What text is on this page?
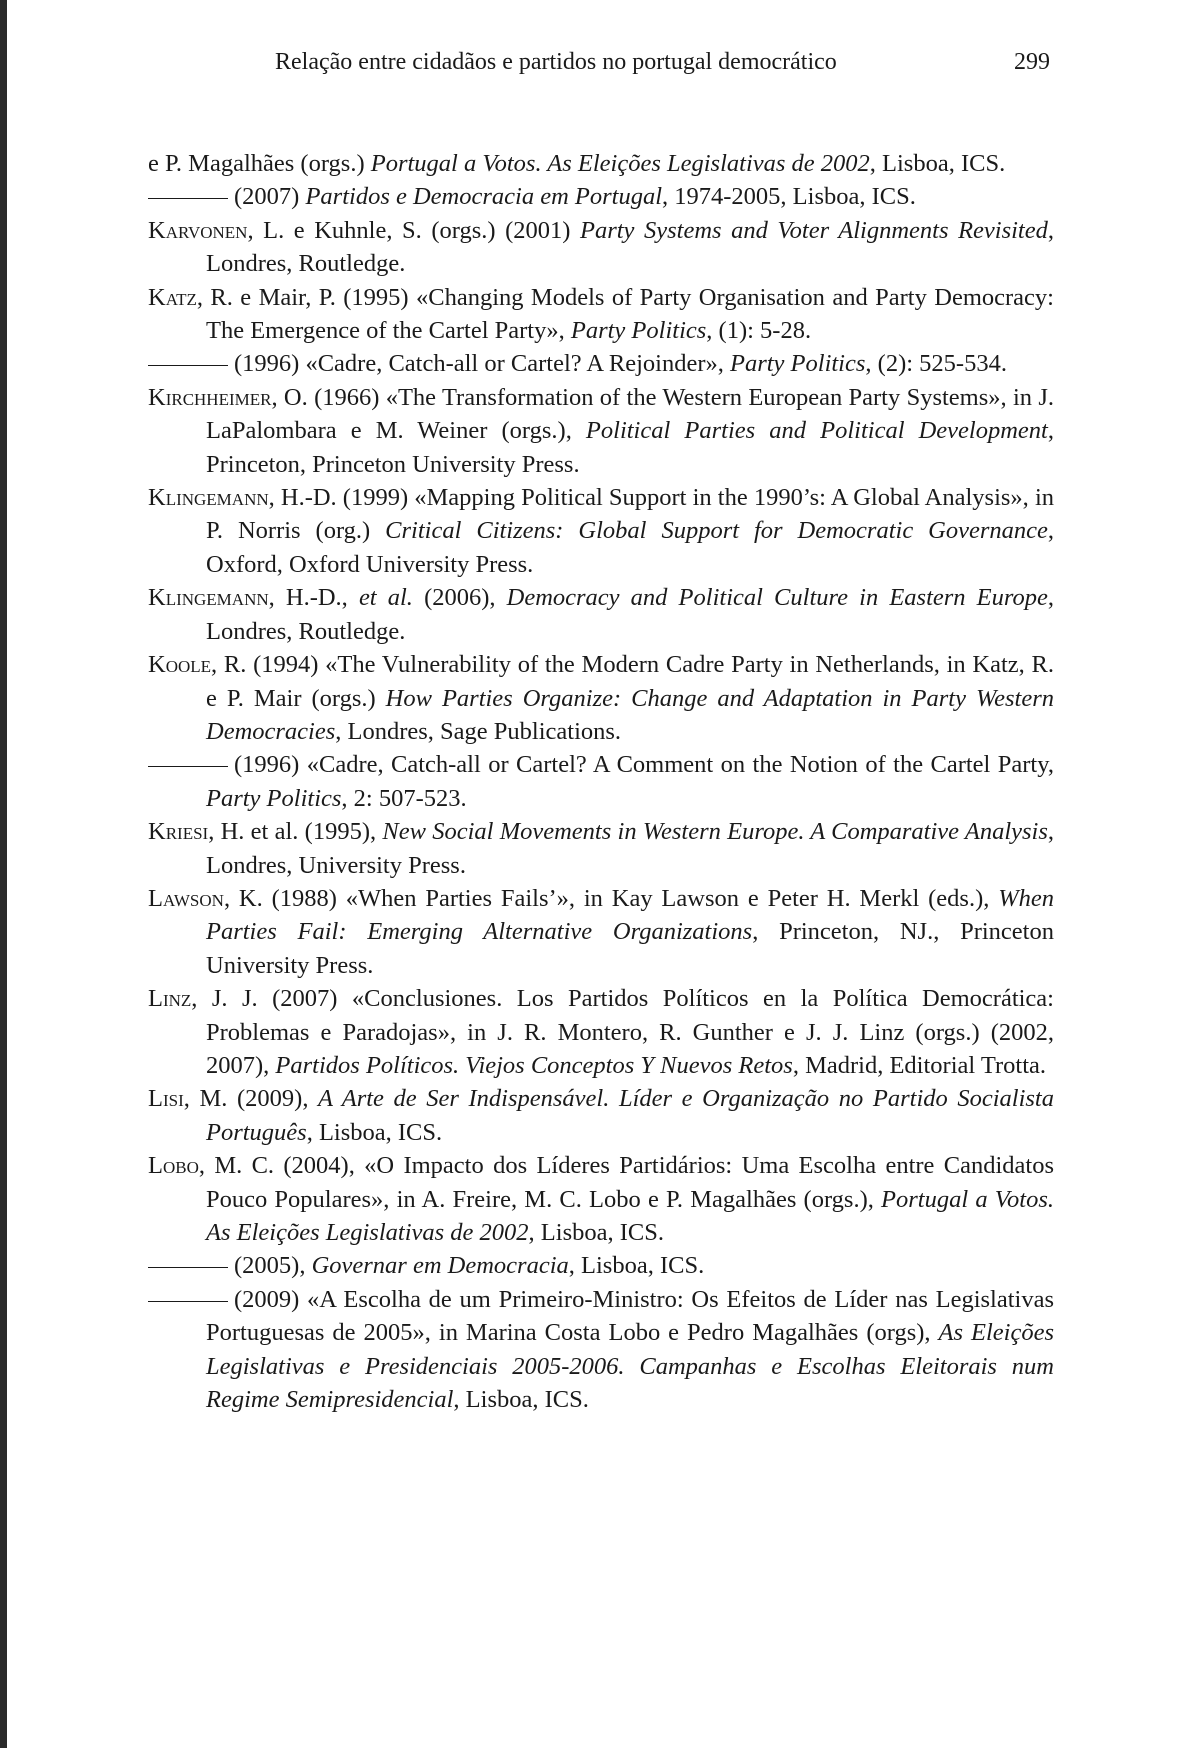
Relação entre cidadãos e partidos no portugal democrático	299

e P. Magalhães (orgs.) Portugal a Votos. As Eleições Legislativas de 2002, Lisboa, ICS.

(2007) Partidos e Democracia em Portugal, 1974-2005, Lisboa, ICS.

Karvonen, L. e Kuhnle, S. (orgs.) (2001) Party Systems and Voter Alignments Revisited, Londres, Routledge.

Katz, R. e Mair, P. (1995) «Changing Models of Party Organisation and Party Democracy: The Emergence of the Cartel Party», Party Politics, (1): 5-28.

(1996) «Cadre, Catch-all or Cartel? A Rejoinder», Party Politics, (2): 525-534.

Kirchheimer, O. (1966) «The Transformation of the Western European Party Systems», in J. LaPalombara e M. Weiner (orgs.), Political Parties and Political Development, Princeton, Princeton University Press.

Klingemann, H.-D. (1999) «Mapping Political Support in the 1990’s: A Global Analysis», in P. Norris (org.) Critical Citizens: Global Support for Democratic Governance, Oxford, Oxford University Press.

Klingemann, H.-D., et al. (2006), Democracy and Political Culture in Eastern Europe, Londres, Routledge.

Koole, R. (1994) «The Vulnerability of the Modern Cadre Party in Netherlands, in Katz, R. e P. Mair (orgs.) How Parties Organize: Change and Adaptation in Party Western Democracies, Londres, Sage Publications.

(1996) «Cadre, Catch-all or Cartel? A Comment on the Notion of the Cartel Party, Party Politics, 2: 507-523.

Kriesi, H. et al. (1995), New Social Movements in Western Europe. A Comparative Analysis, Londres, University Press.

Lawson, K. (1988) «When Parties Fails’», in Kay Lawson e Peter H. Merkl (eds.), When Parties Fail: Emerging Alternative Organizations, Princeton, NJ., Princeton University Press.

Linz, J. J. (2007) «Conclusiones. Los Partidos Políticos en la Política Democrática: Problemas e Paradojas», in J. R. Montero, R. Gunther e J. J. Linz (orgs.) (2002, 2007), Partidos Políticos. Viejos Conceptos Y Nuevos Retos, Madrid, Editorial Trotta.

Lisi, M. (2009), A Arte de Ser Indispensável. Líder e Organização no Partido Socialista Português, Lisboa, ICS.

Lobo, M. C. (2004), «O Impacto dos Líderes Partidários: Uma Escolha entre Candidatos Pouco Populares», in A. Freire, M. C. Lobo e P. Magalhães (orgs.), Portugal a Votos. As Eleições Legislativas de 2002, Lisboa, ICS.

(2005), Governar em Democracia, Lisboa, ICS.

(2009) «A Escolha de um Primeiro-Ministro: Os Efeitos de Líder nas Legislativas Portuguesas de 2005», in Marina Costa Lobo e Pedro Magalhães (orgs), As Eleições Legislativas e Presidenciais 2005-2006. Campanhas e Escolhas Eleitorais num Regime Semipresidencial, Lisboa, ICS.
